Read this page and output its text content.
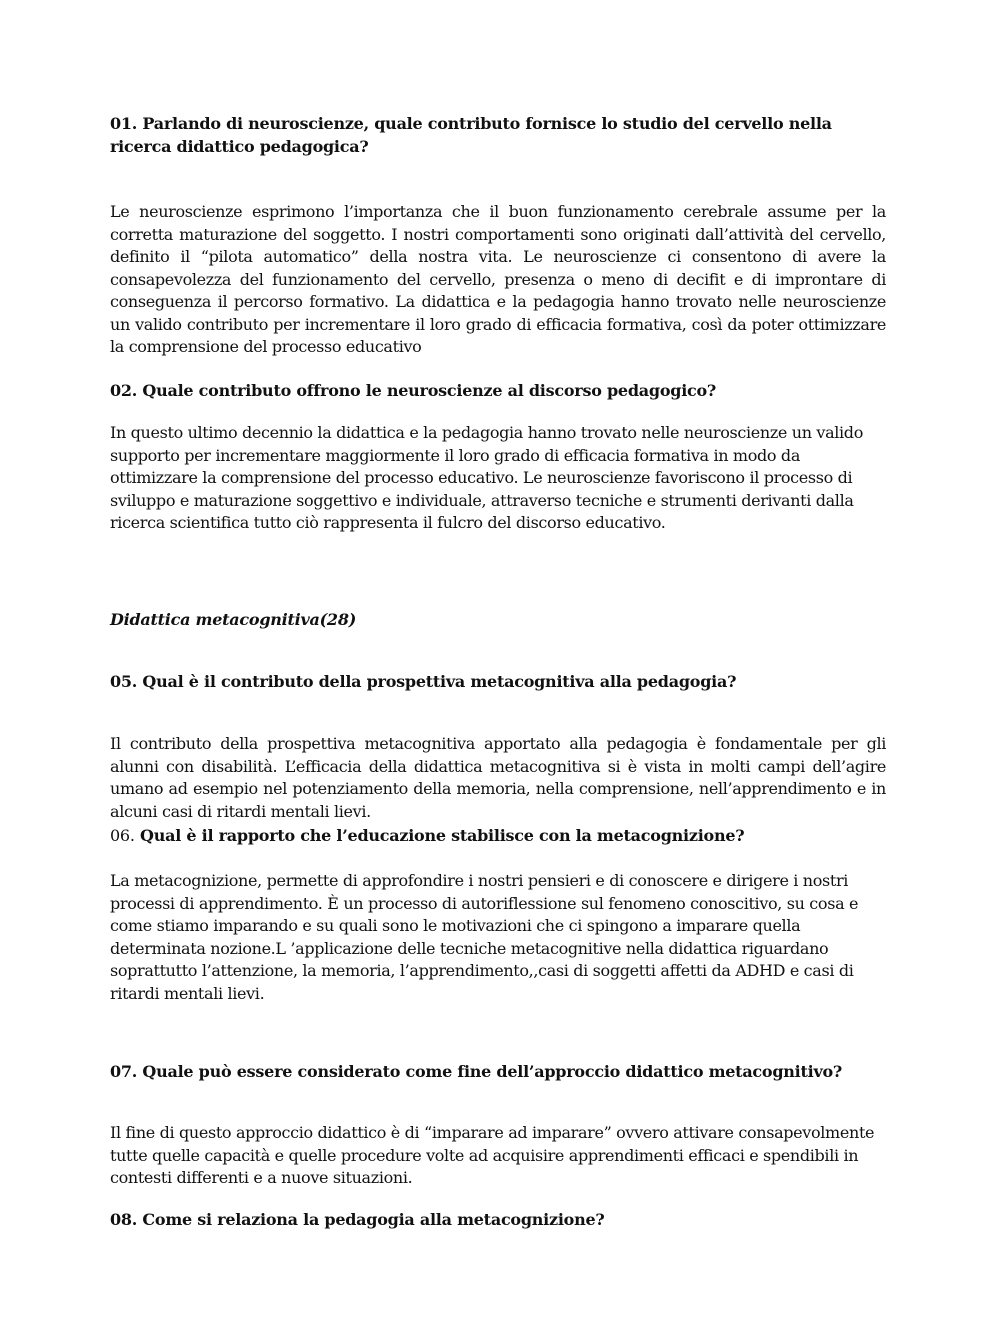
01. Parlando di neuroscienze, quale contributo fornisce lo studio del cervello nella ricerca didattico pedagogica?

Le neuroscienze esprimono l’importanza che il buon funzionamento cerebrale assume per la corretta maturazione del soggetto. I nostri comportamenti sono originati dall’attività del cervello, definito il “pilota automatico” della nostra vita. Le neuroscienze ci consentono di avere la consapevolezza del funzionamento del cervello, presenza o meno di decifit e di improntare di conseguenza il percorso formativo. La didattica e la pedagogia hanno trovato nelle neuroscienze un valido contributo per incrementare il loro grado di efficacia formativa, così da poter ottimizzare la comprensione del processo educativo

02. Quale contributo offrono le neuroscienze al discorso pedagogico?

In questo ultimo decennio la didattica e la pedagogia hanno trovato nelle neuroscienze un valido supporto per incrementare maggiormente il loro grado di efficacia formativa in modo da ottimizzare la comprensione del processo educativo. Le neuroscienze favoriscono il processo di sviluppo e maturazione soggettivo e individuale, attraverso tecniche e strumenti derivanti dalla ricerca scientifica tutto ciò rappresenta il fulcro del discorso educativo.

Didattica metacognitiva(28)

05. Qual è il contributo della prospettiva metacognitiva alla pedagogia?

Il contributo della prospettiva metacognitiva apportato alla pedagogia è fondamentale per gli alunni con disabilità. L’efficacia della didattica metacognitiva si è vista in molti campi dell’agire umano ad esempio nel potenziamento della memoria, nella comprensione, nell’apprendimento e in alcuni casi di ritardi mentali lievi.

06. Qual è il rapporto che l’educazione stabilisce con la metacognizione?

La metacognizione, permette di approfondire i nostri pensieri e di conoscere e dirigere i nostri processi di apprendimento. È un processo di autoriflessione sul fenomeno conoscitivo, su cosa e come stiamo imparando e su quali sono le motivazioni che ci spingono a imparare quella determinata nozione.L ’applicazione delle tecniche metacognitive nella didattica riguardano soprattutto l’attenzione, la memoria, l’apprendimento,,casi di soggetti affetti da ADHD e casi di ritardi mentali lievi.

07. Quale può essere considerato come fine dell’approccio didattico metacognitivo?

Il fine di questo approccio didattico è di “imparare ad imparare” ovvero attivare consapevolmente tutte quelle capacità e quelle procedure volte ad acquisire apprendimenti efficaci e spendibili in contesti differenti e a nuove situazioni.

08. Come si relaziona la pedagogia alla metacognizione?
